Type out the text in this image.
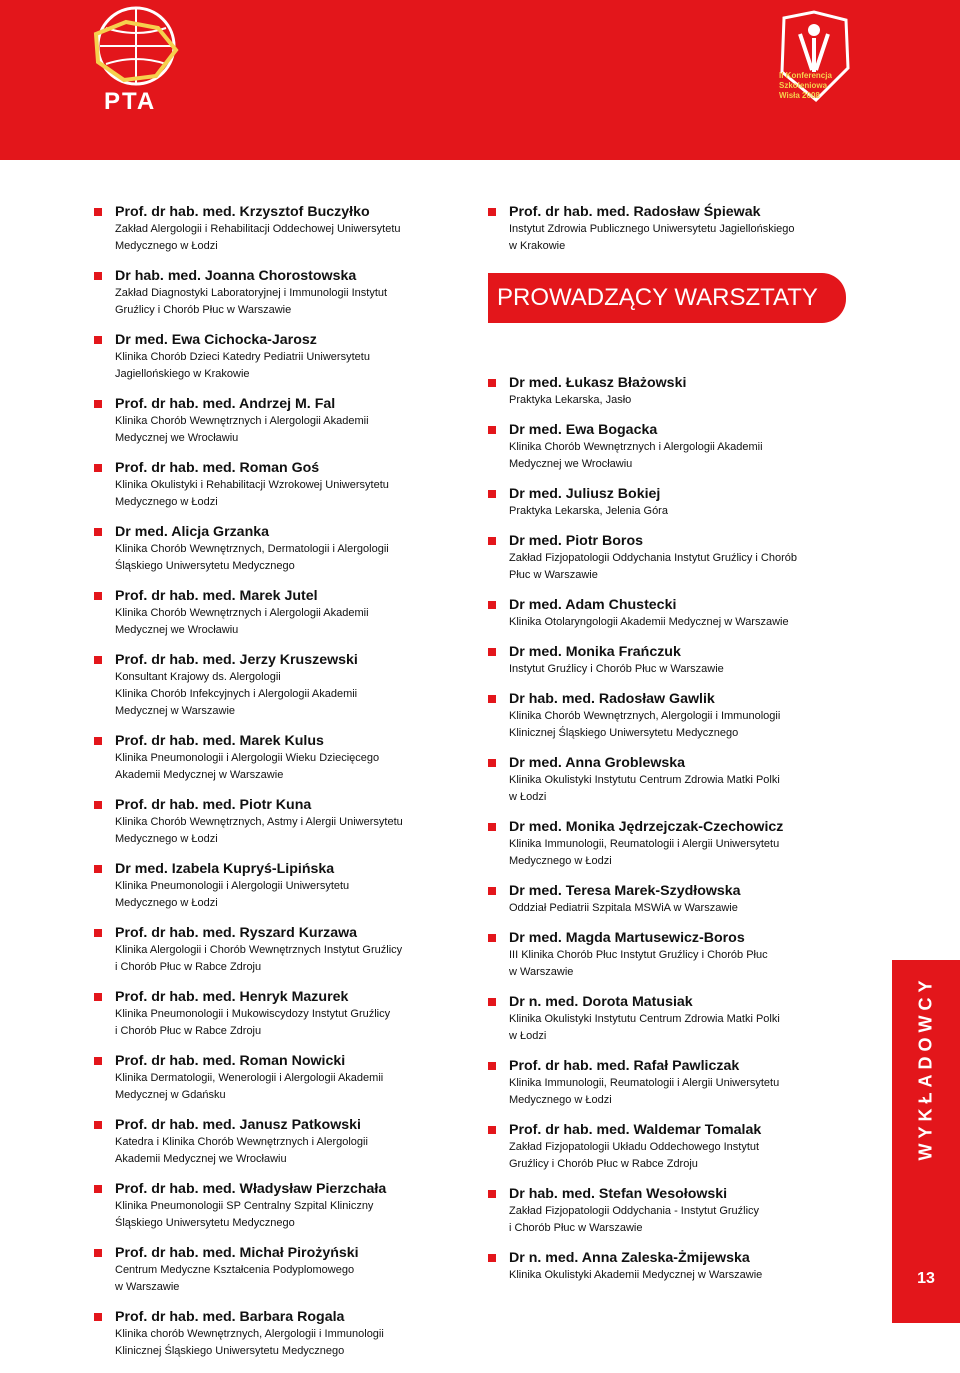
PTA
II Konferencja
Szkoleniowa
Wisła 2008
Prof. dr hab. med. Krzysztof Buczyłko
Zakład Alergologii i Rehabilitacji Oddechowej Uniwersytetu
Medycznego w Łodzi
Dr hab. med. Joanna Chorostowska
Zakład Diagnostyki Laboratoryjnej i Immunologii Instytut
Gruźlicy i Chorób Płuc w Warszawie
Dr med. Ewa Cichocka-Jarosz
Klinika Chorób Dzieci Katedry Pediatrii Uniwersytetu
Jagiellońskiego w Krakowie
Prof. dr hab. med. Andrzej M. Fal
Klinika Chorób Wewnętrznych i Alergologii Akademii
Medycznej we Wrocławiu
Prof. dr hab. med. Roman Goś
Klinika Okulistyki i Rehabilitacji Wzrokowej Uniwersytetu
Medycznego w Łodzi
Dr med. Alicja Grzanka
Klinika Chorób Wewnętrznych, Dermatologii i Alergologii
Śląskiego Uniwersytetu Medycznego
Prof. dr hab. med. Marek Jutel
Klinika Chorób Wewnętrznych i Alergologii Akademii
Medycznej we Wrocławiu
Prof. dr hab. med. Jerzy Kruszewski
Konsultant Krajowy ds. Alergologii
Klinika Chorób Infekcyjnych i Alergologii Akademii
Medycznej w Warszawie
Prof. dr hab. med. Marek Kulus
Klinika Pneumonologii i Alergologii Wieku Dziecięcego
Akademii Medycznej w Warszawie
Prof. dr hab. med. Piotr Kuna
Klinika Chorób Wewnętrznych, Astmy i Alergii Uniwersytetu
Medycznego w Łodzi
Dr med. Izabela Kupryś-Lipińska
Klinika Pneumonologii i Alergologii Uniwersytetu
Medycznego w Łodzi
Prof. dr hab. med. Ryszard Kurzawa
Klinika Alergologii i Chorób Wewnętrznych Instytut Gruźlicy
i Chorób Płuc w Rabce Zdroju
Prof. dr hab. med. Henryk Mazurek
Klinika Pneumonologii i Mukowiscydozy Instytut Gruźlicy
i Chorób Płuc w Rabce Zdroju
Prof. dr hab. med. Roman Nowicki
Klinika Dermatologii, Wenerologii i Alergologii Akademii
Medycznej w Gdańsku
Prof. dr hab. med. Janusz Patkowski
Katedra i Klinika Chorób Wewnętrznych i Alergologii
Akademii Medycznej we Wrocławiu
Prof. dr hab. med. Władysław Pierzchała
Klinika Pneumonologii SP Centralny Szpital Kliniczny
Śląskiego Uniwersytetu Medycznego
Prof. dr hab. med. Michał Pirożyński
Centrum Medyczne Kształcenia Podyplomowego
w Warszawie
Prof. dr hab. med. Barbara Rogala
Klinika chorób Wewnętrznych, Alergologii i Immunologii
Klinicznej Śląskiego Uniwersytetu Medycznego
Prof. dr hab. med. Radosław Śpiewak
Instytut Zdrowia Publicznego Uniwersytetu Jagiellońskiego
w Krakowie
PROWADZĄCY WARSZTATY
Dr med. Łukasz Błażowski
Praktyka Lekarska, Jasło
Dr med. Ewa Bogacka
Klinika Chorób Wewnętrznych i Alergologii Akademii
Medycznej we Wrocławiu
Dr med. Juliusz Bokiej
Praktyka Lekarska, Jelenia Góra
Dr med. Piotr Boros
Zakład Fizjopatologii Oddychania Instytut Gruźlicy i Chorób
Płuc w Warszawie
Dr med. Adam Chustecki
Klinika Otolaryngologii Akademii Medycznej w Warszawie
Dr med. Monika Frańczuk
Instytut Gruźlicy i Chorób Płuc w Warszawie
Dr hab. med. Radosław Gawlik
Klinika Chorób Wewnętrznych, Alergologii i Immunologii
Klinicznej Śląskiego Uniwersytetu Medycznego
Dr med. Anna Groblewska
Klinika Okulistyki Instytutu Centrum Zdrowia Matki Polki
w Łodzi
Dr med. Monika Jędrzejczak-Czechowicz
Klinika Immunologii, Reumatologii i Alergii Uniwersytetu
Medycznego w Łodzi
Dr med. Teresa Marek-Szydłowska
Oddział Pediatrii Szpitala MSWiA w Warszawie
Dr med. Magda Martusewicz-Boros
III Klinika Chorób Płuc Instytut Gruźlicy i Chorób Płuc
w Warszawie
Dr n. med. Dorota Matusiak
Klinika Okulistyki Instytutu Centrum Zdrowia Matki Polki
w Łodzi
Prof. dr hab. med. Rafał Pawliczak
Klinika Immunologii, Reumatologii i Alergii Uniwersytetu
Medycznego w Łodzi
Prof. dr hab. med. Waldemar Tomalak
Zakład Fizjopatologii Układu Oddechowego Instytut
Gruźlicy i Chorób Płuc w Rabce Zdroju
Dr hab. med. Stefan Wesołowski
Zakład Fizjopatologii Oddychania - Instytut Gruźlicy
i Chorób Płuc w Warszawie
Dr n. med. Anna Zaleska-Żmijewska
Klinika Okulistyki Akademii Medycznej w Warszawie
WYKŁADOWCY
13
